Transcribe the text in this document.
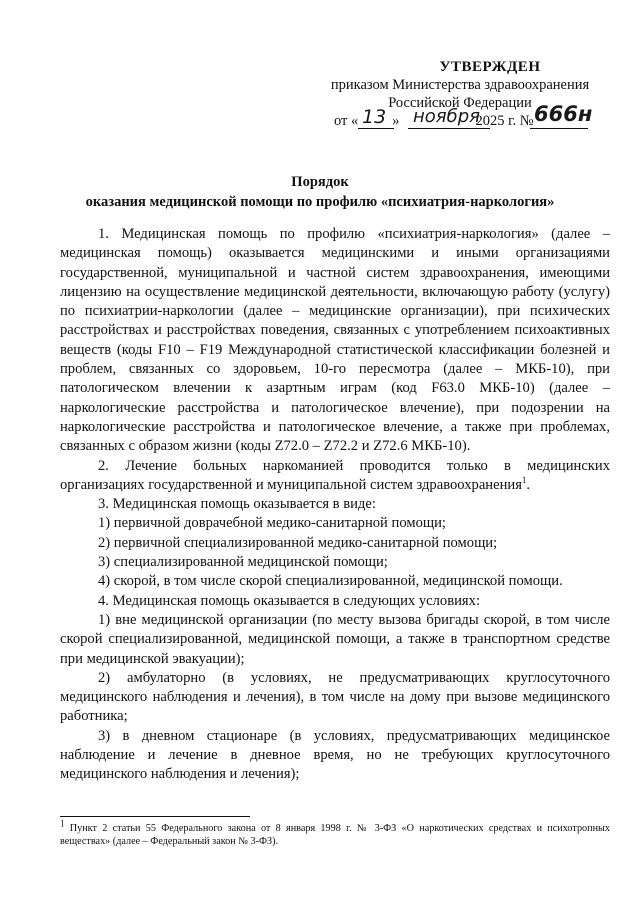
УТВЕРЖДЕН
приказом Министерства здравоохранения
Российской Федерации
от « »	2025 г. №
13 ноября	666н
Порядок
оказания медицинской помощи по профилю «психиатрия-наркология»

1. Медицинская помощь по профилю «психиатрия-наркология» (далее – медицинская помощь) оказывается медицинскими и иными организациями государственной, муниципальной и частной систем здравоохранения, имеющими лицензию на осуществление медицинской деятельности, включающую работу (услугу) по психиатрии-наркологии (далее – медицинские организации), при психических расстройствах и расстройствах поведения, связанных с употреблением психоактивных веществ (коды F10 – F19 Международной статистической классификации болезней и проблем, связанных со здоровьем, 10-го пересмотра (далее – МКБ-10), при патологическом влечении к азартным играм (код F63.0 МКБ-10) (далее – наркологические расстройства и патологическое влечение), при подозрении на наркологические расстройства и патологическое влечение, а также при проблемах, связанных с образом жизни (коды Z72.0 – Z72.2 и Z72.6 МКБ-10).

2. Лечение больных наркоманией проводится только в медицинских организациях государственной и муниципальной систем здравоохранения$^1$.

3. Медицинская помощь оказывается в виде:

1) первичной доврачебной медико-санитарной помощи;

2) первичной специализированной медико-санитарной помощи;

3) специализированной медицинской помощи;

4) скорой, в том числе скорой специализированной, медицинской помощи.

4. Медицинская помощь оказывается в следующих условиях:

1) вне медицинской организации (по месту вызова бригады скорой, в том числе скорой специализированной, медицинской помощи, а также в транспортном средстве при медицинской эвакуации);

2) амбулаторно (в условиях, не предусматривающих круглосуточного медицинского наблюдения и лечения), в том числе на дому при вызове медицинского работника;

3) в дневном стационаре (в условиях, предусматривающих медицинское наблюдение и лечение в дневное время, но не требующих круглосуточного медицинского наблюдения и лечения);

$^1$ Пункт 2 статьи 55 Федерального закона от 8 января 1998 г. № 3-ФЗ «О наркотических средствах и психотропных веществах» (далее – Федеральный закон № 3-ФЗ).
